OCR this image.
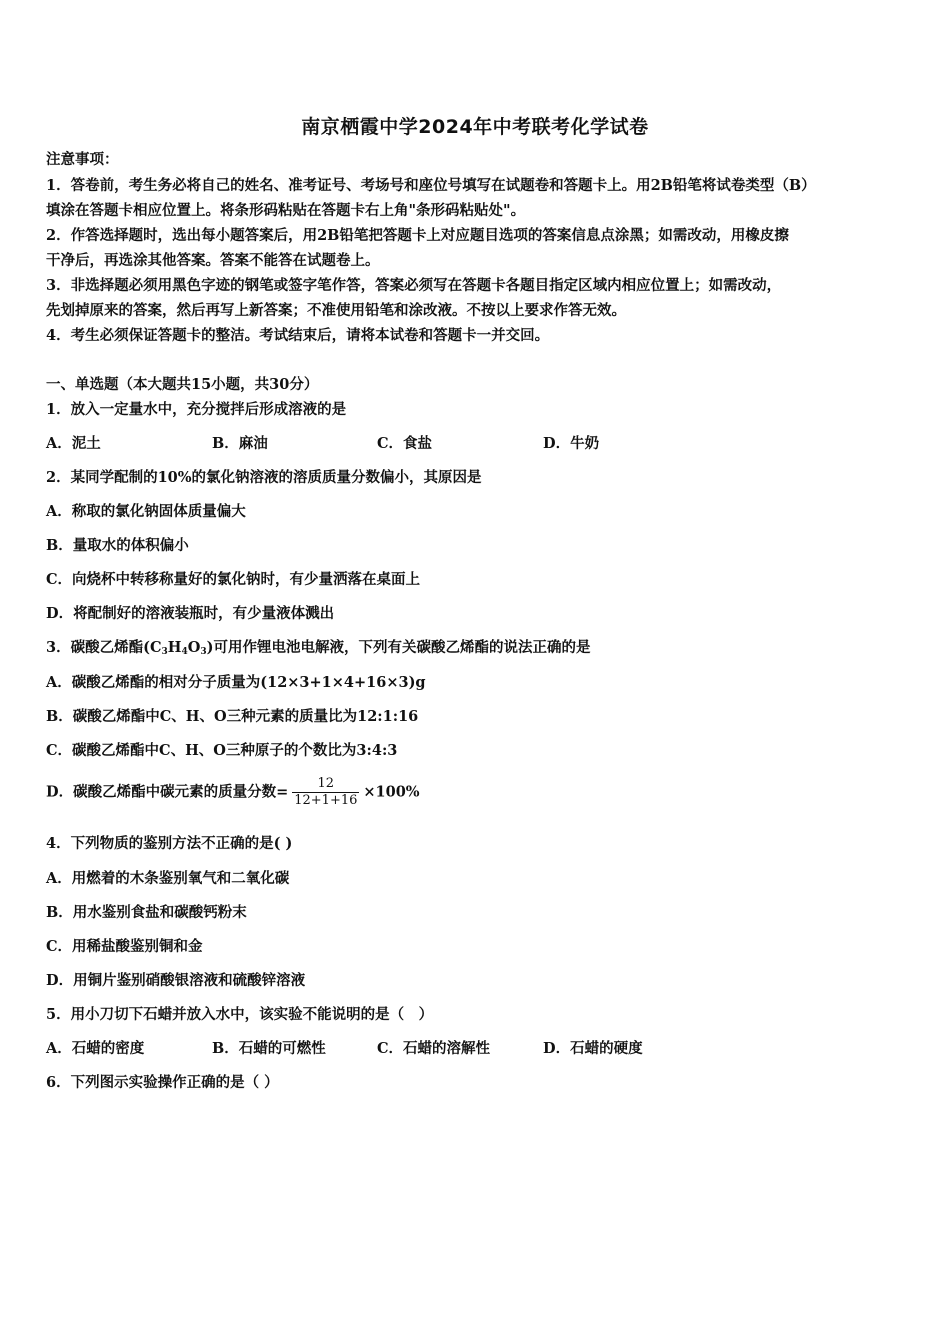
南京栖霞中学2024年中考联考化学试卷
注意事项：
1．答卷前，考生务必将自己的姓名、准考证号、考场号和座位号填写在试题卷和答题卡上。用2B铅笔将试卷类型（B）
填涂在答题卡相应位置上。将条形码粘贴在答题卡右上角"条形码粘贴处"。
2．作答选择题时，选出每小题答案后，用2B铅笔把答题卡上对应题目选项的答案信息点涂黑；如需改动，用橡皮擦
干净后，再选涂其他答案。答案不能答在试题卷上。
3．非选择题必须用黑色字迹的钢笔或签字笔作答，答案必须写在答题卡各题目指定区域内相应位置上；如需改动，
先划掉原来的答案，然后再写上新答案；不准使用铅笔和涂改液。不按以上要求作答无效。
4．考生必须保证答题卡的整洁。考试结束后，请将本试卷和答题卡一并交回。
一、单选题（本大题共15小题，共30分）
1．放入一定量水中，充分搅拌后形成溶液的是
A．泥土	B．麻油	C．食盐	D．牛奶
2．某同学配制的10%的氯化钠溶液的溶质质量分数偏小，其原因是
A．称取的氯化钠固体质量偏大
B．量取水的体积偏小
C．向烧杯中转移称量好的氯化钠时，有少量洒落在桌面上
D．将配制好的溶液装瓶时，有少量液体溅出
3．碳酸乙烯酯$(C_3H_4O_3)$可用作锂电池电解液，下列有关碳酸乙烯酯的说法正确的是
A．碳酸乙烯酯的相对分子质量为(12×3+1×4+16×3)g
B．碳酸乙烯酯中C、H、O三种元素的质量比为12:1:16
C．碳酸乙烯酯中C、H、O三种原子的个数比为3:4:3
D．碳酸乙烯酯中碳元素的质量分数= $\frac{12}{12+1+16} \times 100\%$
4．下列物质的鉴别方法不正确的是( )
A．用燃着的木条鉴别氧气和二氧化碳
B．用水鉴别食盐和碳酸钙粉末
C．用稀盐酸鉴别铜和金
D．用铜片鉴别硝酸银溶液和硫酸锌溶液
5．用小刀切下石蜡并放入水中，该实验不能说明的是（　）
A．石蜡的密度	B．石蜡的可燃性	C．石蜡的溶解性	D．石蜡的硬度
6．下列图示实验操作正确的是（ ）
